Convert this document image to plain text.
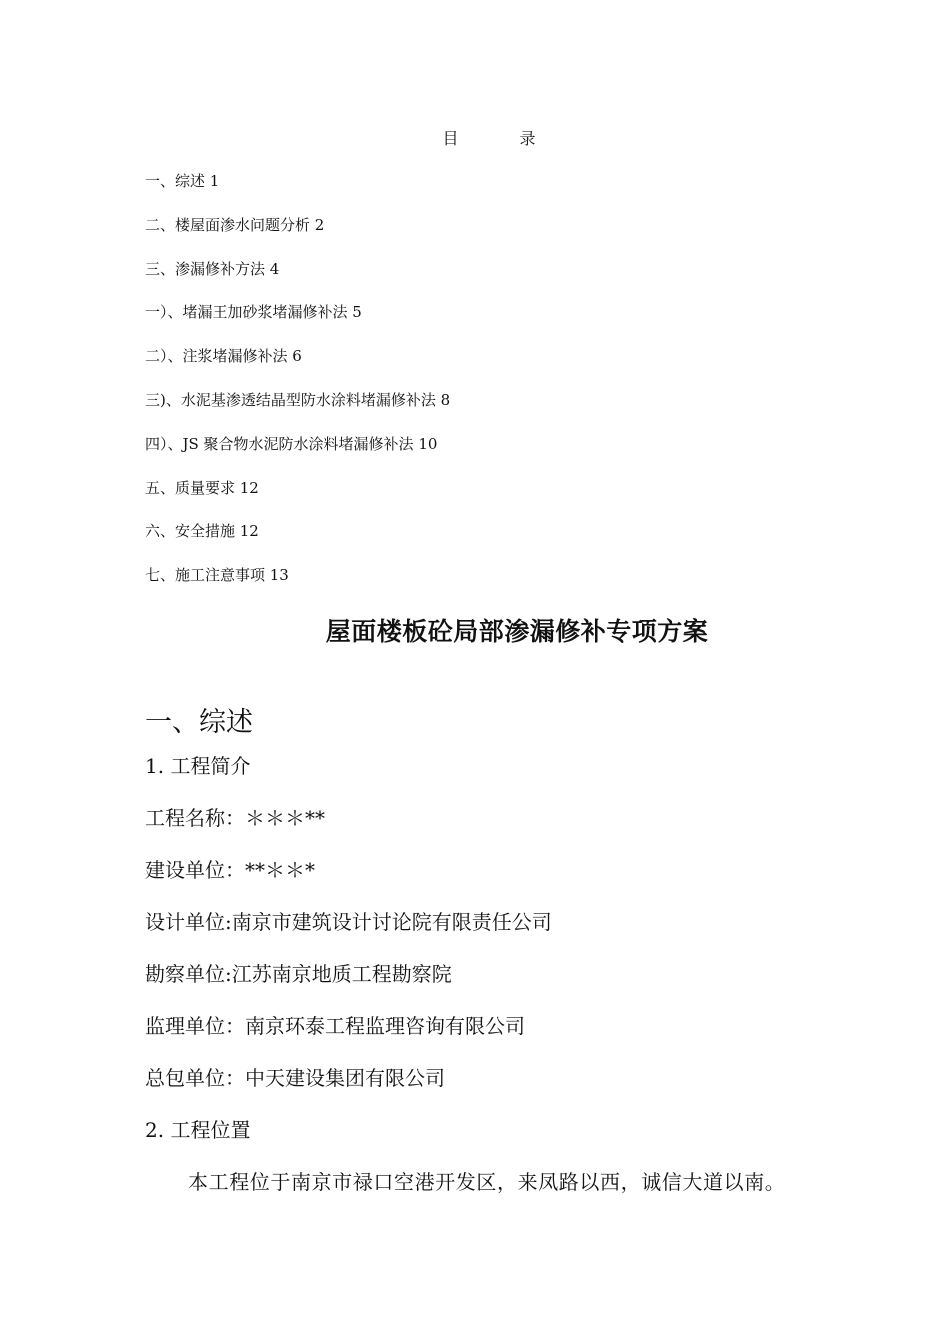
目 录
一、综述 1
二、楼屋面渗水问题分析 2
三、渗漏修补方法 4
一）、堵漏王加砂浆堵漏修补法 5
二）、注浆堵漏修补法 6
三)、水泥基渗透结晶型防水涂料堵漏修补法 8
四）、JS 聚合物水泥防水涂料堵漏修补法 10
五、质量要求 12
六、安全措施 12
七、施工注意事项 13
屋面楼板砼局部渗漏修补专项方案
一、综述
1. 工程简介
工程名称：＊＊＊**
建设单位：**＊＊*
设计单位:南京市建筑设计讨论院有限责任公司
勘察单位:江苏南京地质工程勘察院
监理单位：南京环泰工程监理咨询有限公司
总包单位：中天建设集团有限公司
2. 工程位置
本工程位于南京市禄口空港开发区，来凤路以西，诚信大道以南。
